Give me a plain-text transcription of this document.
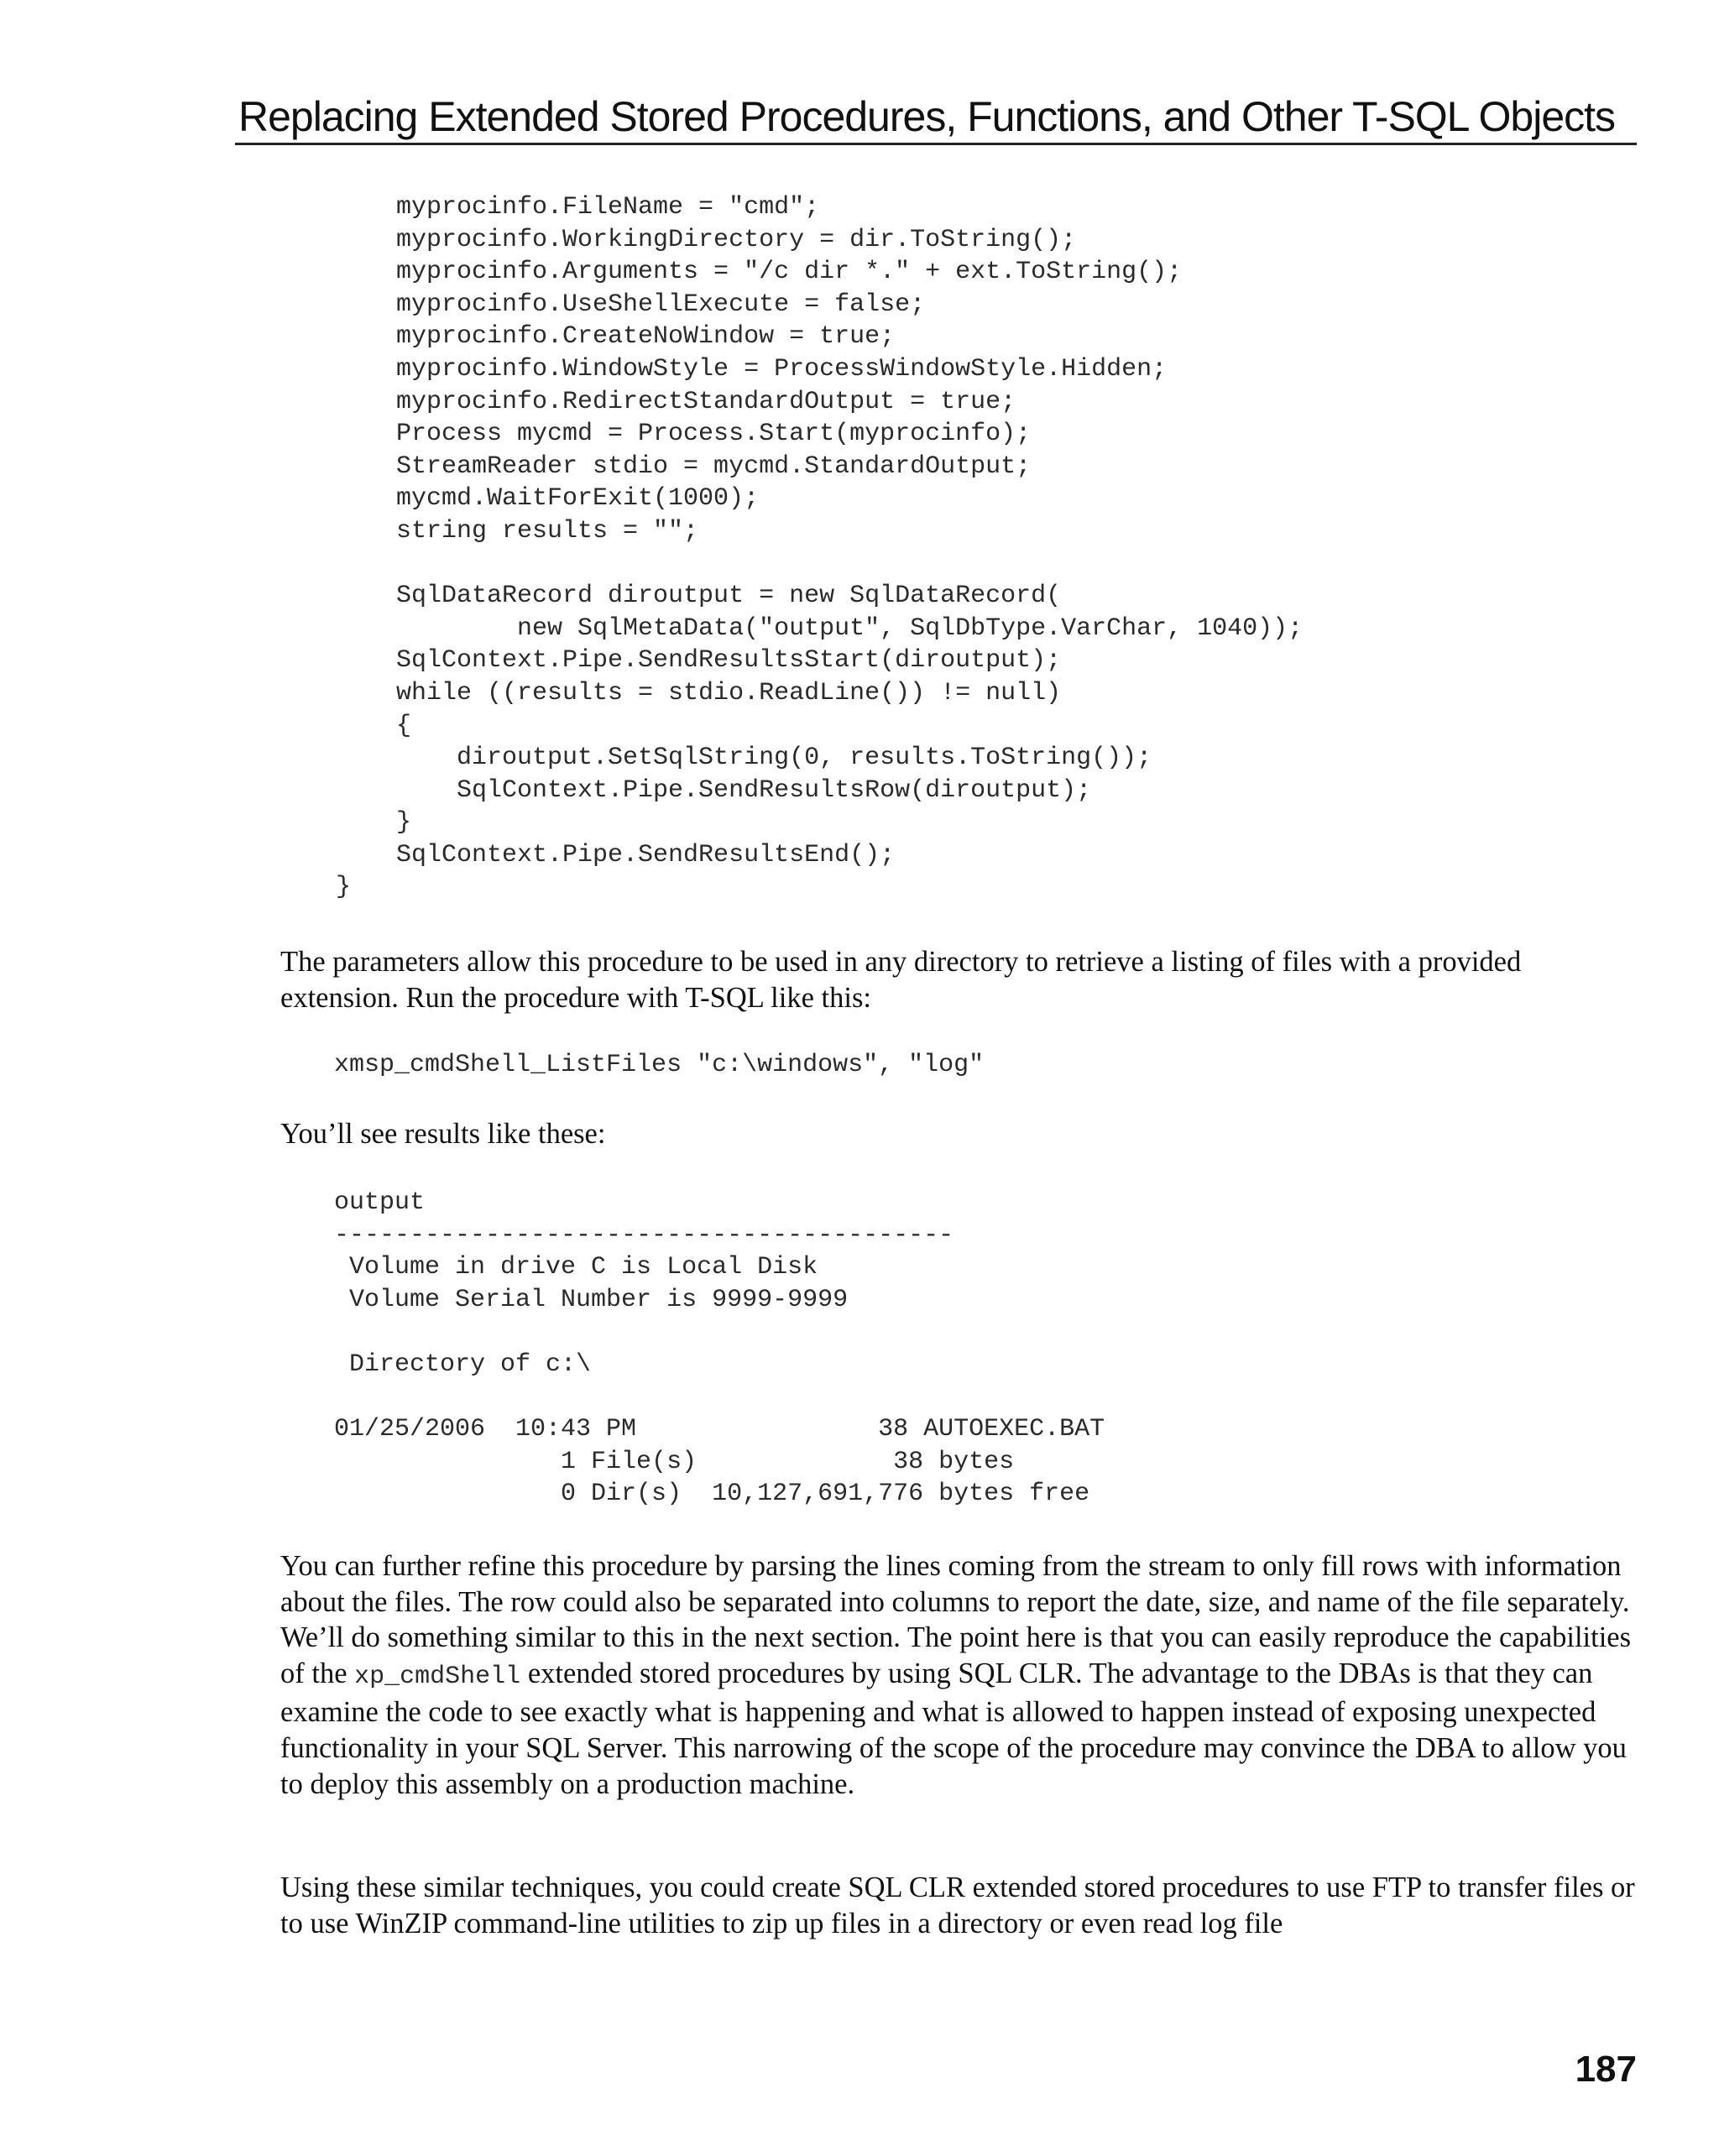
Replacing Extended Stored Procedures, Functions, and Other T-SQL Objects
myprocinfo.FileName = "cmd";
myprocinfo.WorkingDirectory = dir.ToString();
myprocinfo.Arguments = "/c dir *." + ext.ToString();
myprocinfo.UseShellExecute = false;
myprocinfo.CreateNoWindow = true;
myprocinfo.WindowStyle = ProcessWindowStyle.Hidden;
myprocinfo.RedirectStandardOutput = true;
Process mycmd = Process.Start(myprocinfo);
StreamReader stdio = mycmd.StandardOutput;
mycmd.WaitForExit(1000);
string results = "";

SqlDataRecord diroutput = new SqlDataRecord(
new SqlMetaData("output", SqlDbType.VarChar, 1040));
SqlContext.Pipe.SendResultsStart(diroutput);
while ((results = stdio.ReadLine()) != null)
{
diroutput.SetSqlString(0, results.ToString());
SqlContext.Pipe.SendResultsRow(diroutput);
}
SqlContext.Pipe.SendResultsEnd();
}

The parameters allow this procedure to be used in any directory to retrieve a listing of files with a provided extension. Run the procedure with T-SQL like this:

xmsp_cmdShell_ListFiles "c:\windows", "log"

You’ll see results like these:

output
-----------------------------------------
Volume in drive C is Local Disk
Volume Serial Number is 9999-9999

Directory of c:\

01/25/2006  10:43 PM                38 AUTOEXEC.BAT
1 File(s)             38 bytes
0 Dir(s)  10,127,691,776 bytes free

You can further refine this procedure by parsing the lines coming from the stream to only fill rows with information about the files. The row could also be separated into columns to report the date, size, and name of the file separately. We’ll do something similar to this in the next section. The point here is that you can easily reproduce the capabilities of the xp_cmdShell extended stored procedures by using SQL CLR. The advantage to the DBAs is that they can examine the code to see exactly what is happening and what is allowed to happen instead of exposing unexpected functionality in your SQL Server. This narrowing of the scope of the procedure may convince the DBA to allow you to deploy this assembly on a production machine.

Using these similar techniques, you could create SQL CLR extended stored procedures to use FTP to transfer files or to use WinZIP command-line utilities to zip up files in a directory or even read log file

187
